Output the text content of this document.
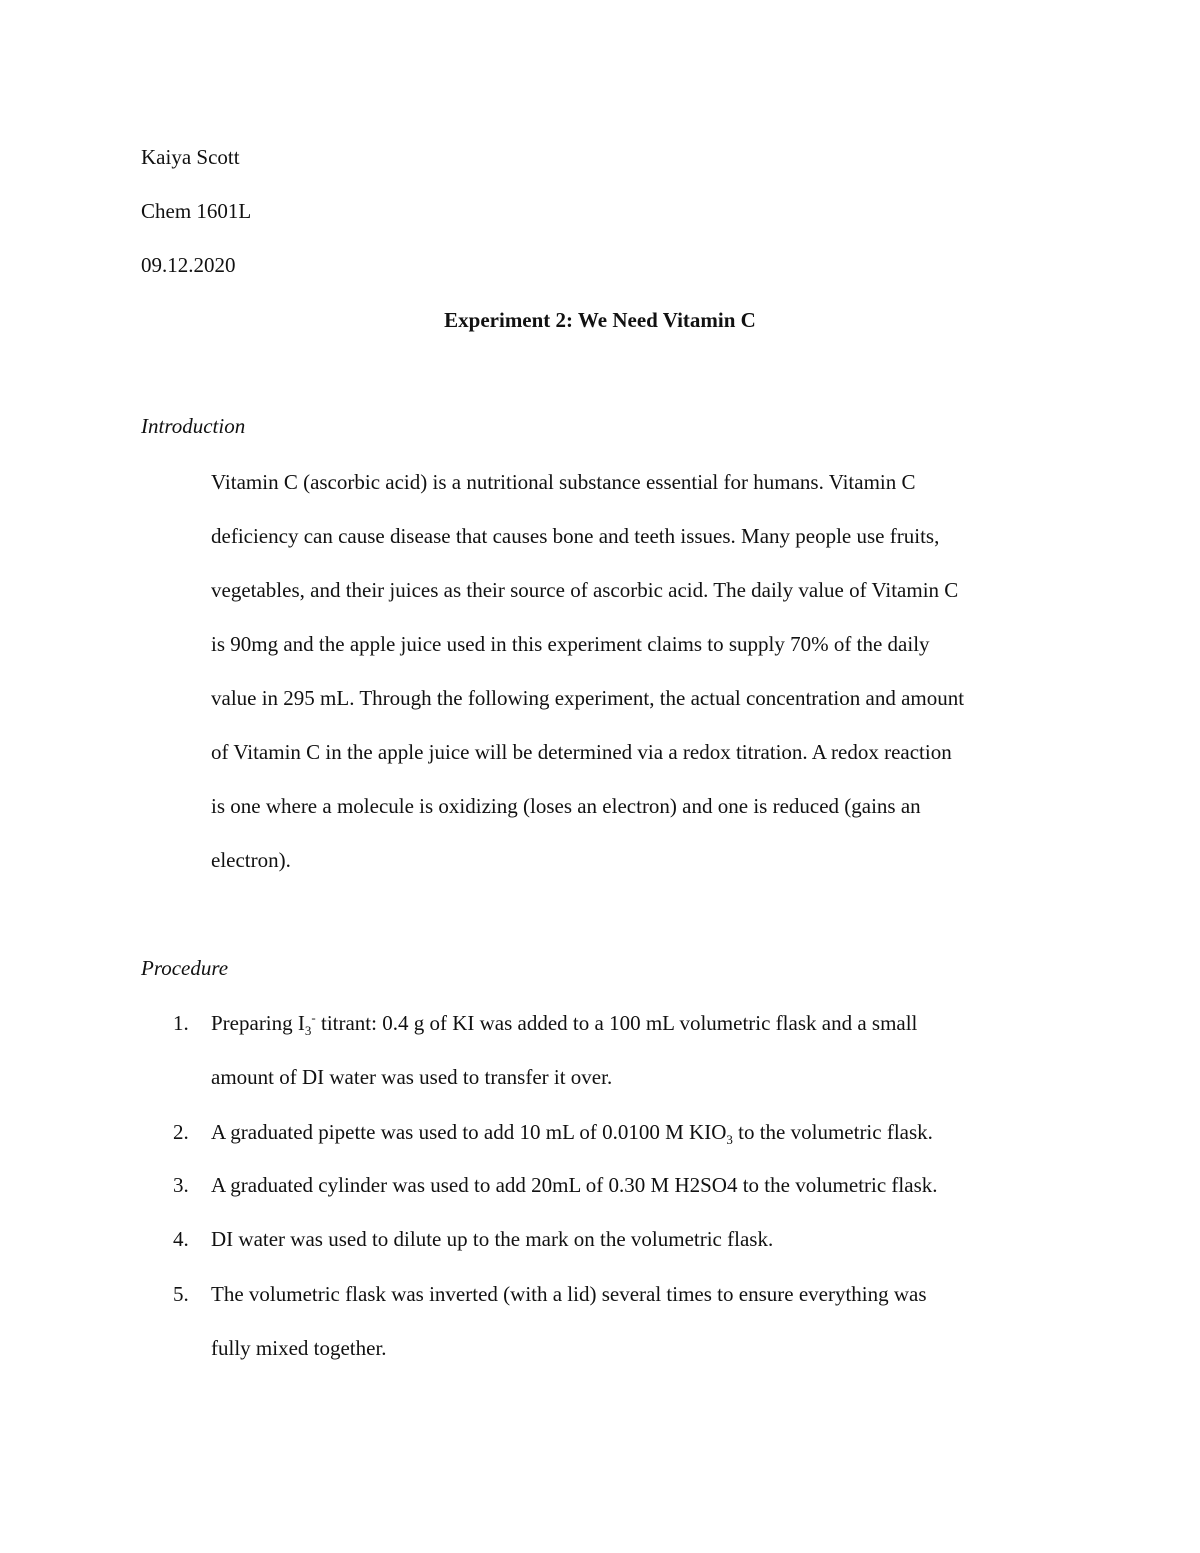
Kaiya Scott
Chem 1601L
09.12.2020
Experiment 2: We Need Vitamin C
Introduction
Vitamin C (ascorbic acid) is a nutritional substance essential for humans. Vitamin C
deficiency can cause disease that causes bone and teeth issues. Many people use fruits,
vegetables, and their juices as their source of ascorbic acid. The daily value of Vitamin C
is 90mg and the apple juice used in this experiment claims to supply 70% of the daily
value in 295 mL. Through the following experiment, the actual concentration and amount
of Vitamin C in the apple juice will be determined via a redox titration. A redox reaction
is one where a molecule is oxidizing (loses an electron) and one is reduced (gains an
electron).
Procedure
1. Preparing $I_3^-$ titrant: 0.4 g of KI was added to a 100 mL volumetric flask and a small
amount of DI water was used to transfer it over.
2. A graduated pipette was used to add 10 mL of 0.0100 M $KIO_3$ to the volumetric flask.
3. A graduated cylinder was used to add 20mL of 0.30 M H2SO4 to the volumetric flask.
4. DI water was used to dilute up to the mark on the volumetric flask.
5. The volumetric flask was inverted (with a lid) several times to ensure everything was
fully mixed together.
